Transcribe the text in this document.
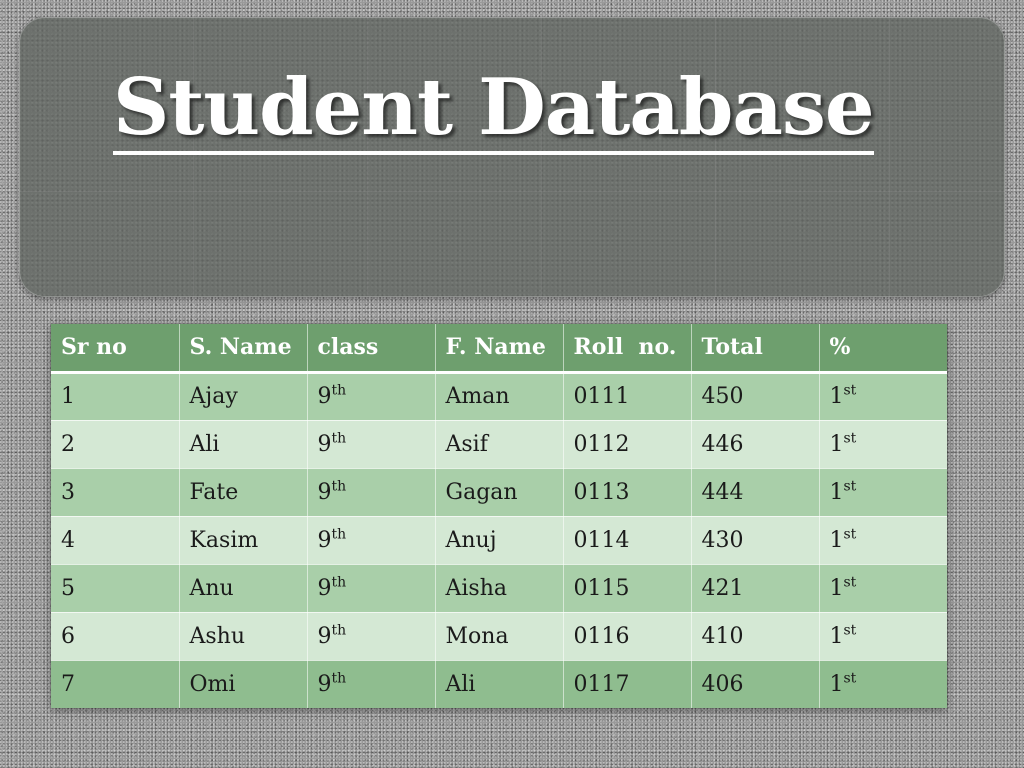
Student Database
Sr no	S. Name	class	F. Name	Roll  no.	Total	%
1	Ajay	9th	Aman	0111	450	1st
2	Ali	9th	Asif	0112	446	1st
3	Fate	9th	Gagan	0113	444	1st
4	Kasim	9th	Anuj	0114	430	1st
5	Anu	9th	Aisha	0115	421	1st
6	Ashu	9th	Mona	0116	410	1st
7	Omi	9th	Ali	0117	406	1st
